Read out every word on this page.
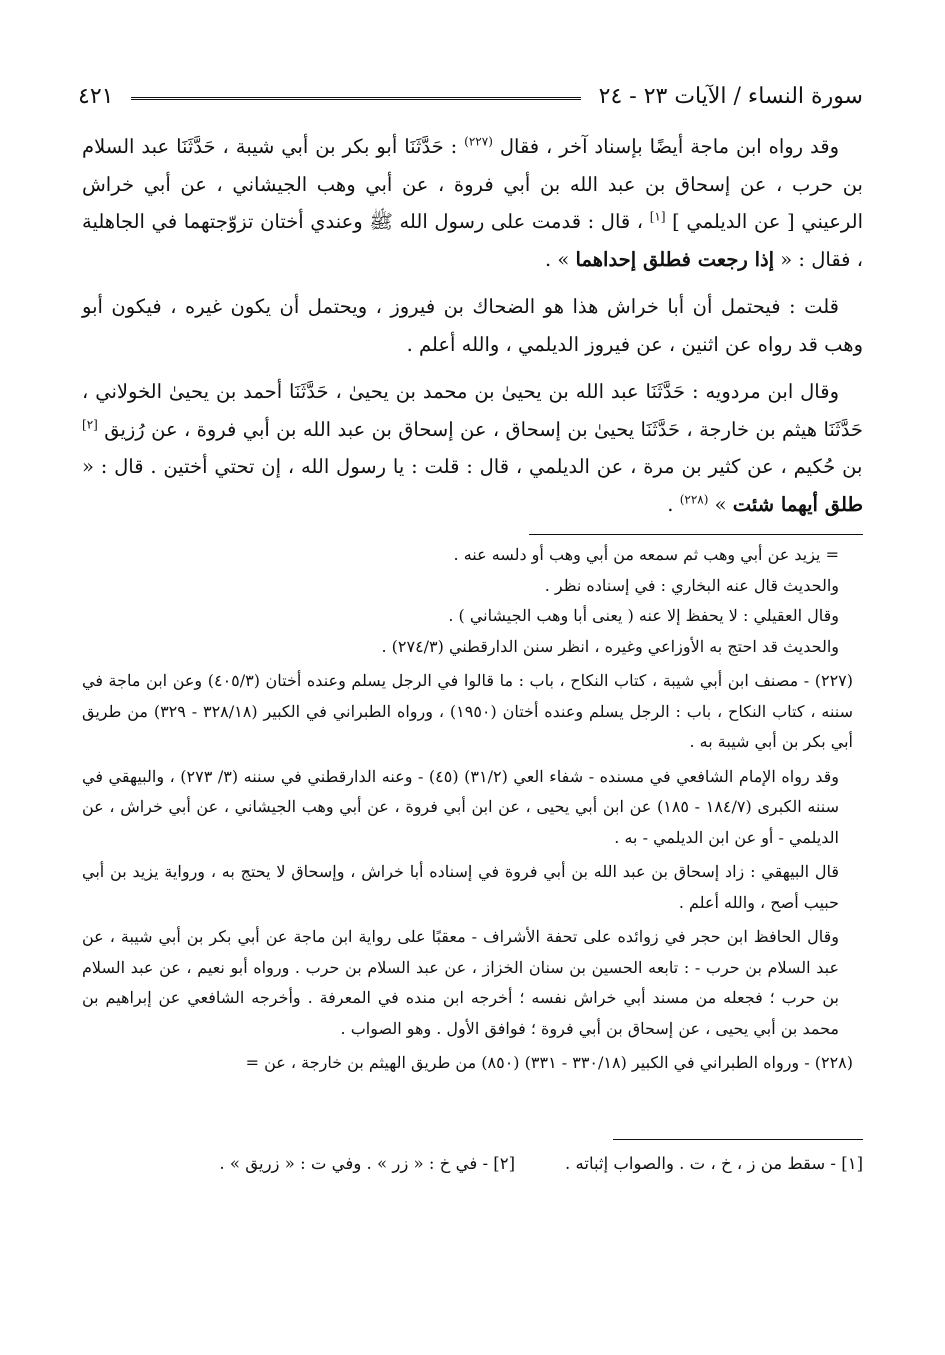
سورة النساء / الآيات ٢٣ - ٢٤
٤٢١

وقد رواه ابن ماجة أيضًا بإسناد آخر ، فقال $^{(٢٢٧)}$ : حَدَّثَنَا أبو بكر بن أبي شيبة ، حَدَّثَنَا عبد السلام بن حرب ، عن إسحاق بن عبد الله بن أبي فروة ، عن أبي وهب الجيشاني ، عن أبي خراش الرعيني [ عن الديلمي ] [١] ، قال : قدمت على رسول الله ﷺ وعندي أختان تزوّجتهما في الجاهلية ، فقال : « إذا رجعت فطلق إحداهما » .

قلت : فيحتمل أن أبا خراش هذا هو الضحاك بن فيروز ، ويحتمل أن يكون غيره ، فيكون أبو وهب قد رواه عن اثنين ، عن فيروز الديلمي ، والله أعلم .

وقال ابن مردويه : حَدَّثَنَا عبد الله بن يحيىٰ بن محمد بن يحيىٰ ، حَدَّثَنَا أحمد بن يحيىٰ الخولاني ، حَدَّثَنَا هيثم بن خارجة ، حَدَّثَنَا يحيىٰ بن إسحاق ، عن إسحاق بن عبد الله بن أبي فروة ، عن رُزيق [٢] بن حُكيم ، عن كثير بن مرة ، عن الديلمي ، قال : قلت : يا رسول الله ، إن تحتي أختين . قال : « طلق أيهما شئت » $^{(٢٢٨)}$ .

= يزيد عن أبي وهب ثم سمعه من أبي وهب أو دلسه عنه .

والحديث قال عنه البخاري : في إسناده نظر .

وقال العقيلي : لا يحفظ إلا عنه ( يعنى أبا وهب الجيشاني ) .

والحديث قد احتج به الأوزاعي وغيره ، انظر سنن الدارقطني (٢٧٤/٣) .

(٢٢٧) - مصنف ابن أبي شيبة ، كتاب النكاح ، باب : ما قالوا في الرجل يسلم وعنده أختان (٤٠٥/٣) وعن ابن ماجة في سننه ، كتاب النكاح ، باب : الرجل يسلم وعنده أختان (١٩٥٠) ، ورواه الطبراني في الكبير (٣٢٨/١٨ - ٣٢٩) من طريق أبي بكر بن أبي شيبة به .

وقد رواه الإمام الشافعي في مسنده - شفاء العي (٣١/٢) (٤٥) - وعنه الدارقطني في سننه (٣/ ٢٧٣) ، والبيهقي في سننه الكبرى (١٨٤/٧ - ١٨٥) عن ابن أبي يحيى ، عن ابن أبي فروة ، عن أبي وهب الجيشاني ، عن أبي خراش ، عن الديلمي - أو عن ابن الديلمي - به .

قال البيهقي : زاد إسحاق بن عبد الله بن أبي فروة في إسناده أبا خراش ، وإسحاق لا يحتج به ، ورواية يزيد بن أبي حبيب أصح ، والله أعلم .

وقال الحافظ ابن حجر في زوائده على تحفة الأشراف - معقبًا على رواية ابن ماجة عن أبي بكر بن أبي شيبة ، عن عبد السلام بن حرب - : تابعه الحسين بن سنان الخزاز ، عن عبد السلام بن حرب . ورواه أبو نعيم ، عن عبد السلام بن حرب ؛ فجعله من مسند أبي خراش نفسه ؛ أخرجه ابن منده في المعرفة . وأخرجه الشافعي عن إبراهيم بن محمد بن أبي يحيى ، عن إسحاق بن أبي فروة ؛ فوافق الأول . وهو الصواب .

(٢٢٨) - ورواه الطبراني في الكبير (٣٣٠/١٨ - ٣٣١) (٨٥٠) من طريق الهيثم بن خارجة ، عن =

[١] - سقط من ز ، خ ، ت . والصواب إثباته .
[٢] - في خ : « زر » . وفي ت : « زريق » .
